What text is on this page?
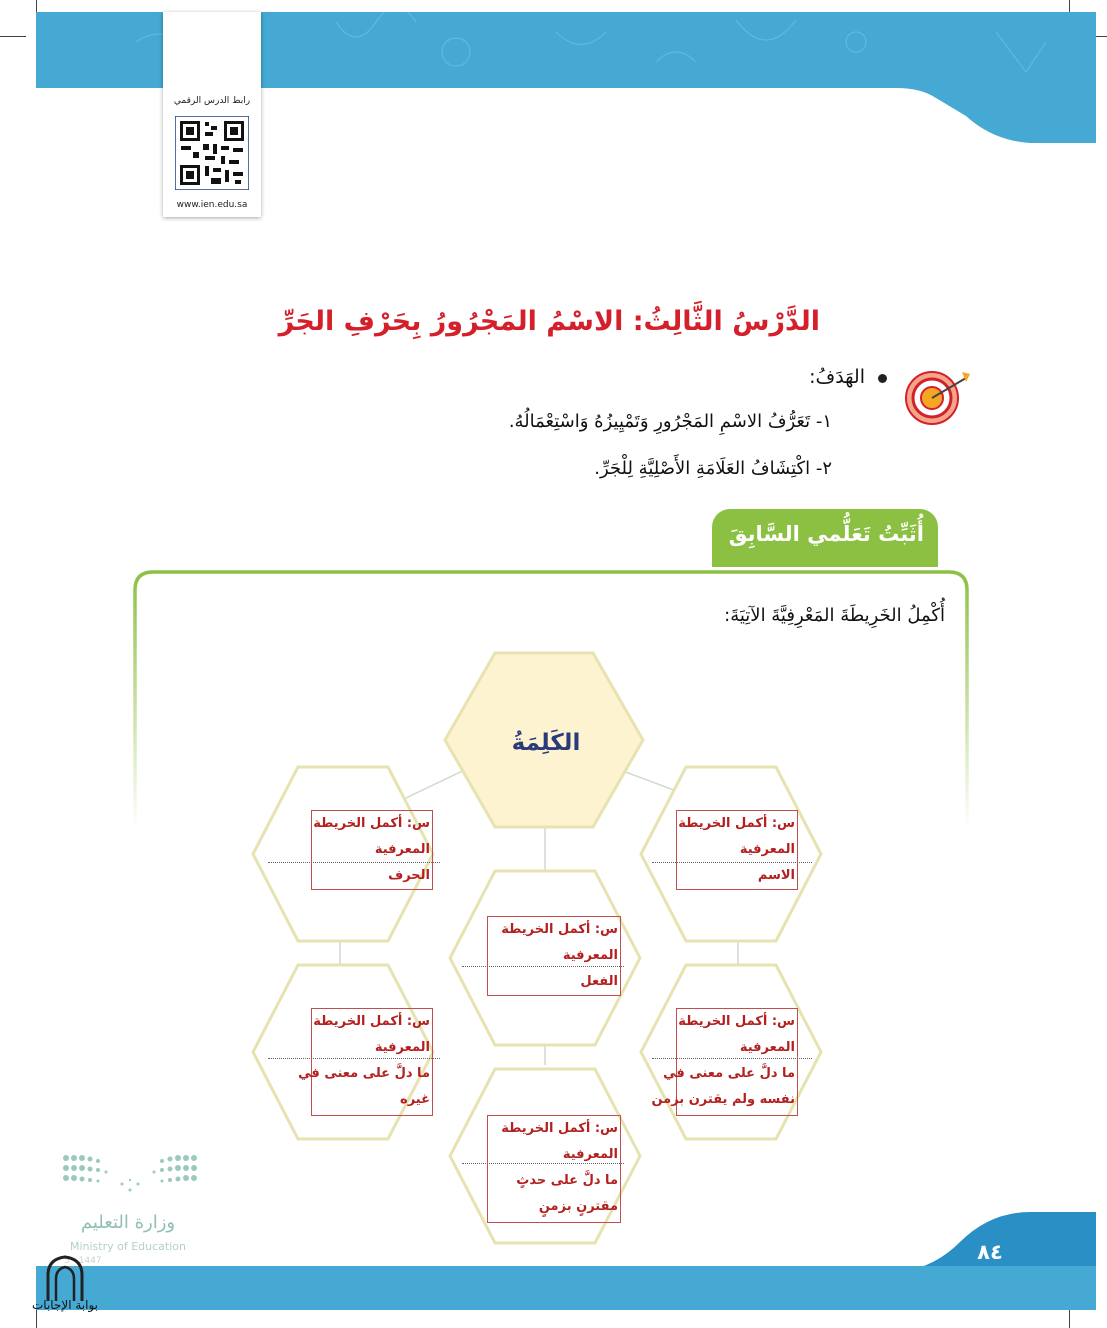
رابط الدرس الرقمي
www.ien.edu.sa
الدَّرْسُ الثَّالِثُ: الاسْمُ المَجْرُورُ بِحَرْفِ الجَرِّ
الهَدَفُ:
١- تَعَرُّفُ الاسْمِ المَجْرُورِ وَتَمْيِيزُهُ وَاسْتِعْمَالُهُ.
٢- اكْتِشَافُ العَلَامَةِ الأَصْلِيَّةِ لِلْجَرِّ.
أُثَبِّتُ تَعَلُّمي السَّابِقَ
أُكْمِلُ الخَرِيطَةَ المَعْرِفِيَّةَ الآتِيَةَ:
الكَلِمَةُ
س: أكمل الخريطة
المعرفية
الحرف
س: أكمل الخريطة
المعرفية
الاسم
س: أكمل الخريطة
المعرفية
الفعل
س: أكمل الخريطة
المعرفية
ما دلَّ على معنى في
غيره
س: أكمل الخريطة
المعرفية
ما دلَّ على معنى في
نفسه ولم يقترن بزمن
س: أكمل الخريطة
المعرفية
ما دلَّ على حدثٍ
مقترنٍ بزمنٍ
٨٤
وزارة التعليم
Ministry of Education
5 - 1447
بوابة الإجابات
